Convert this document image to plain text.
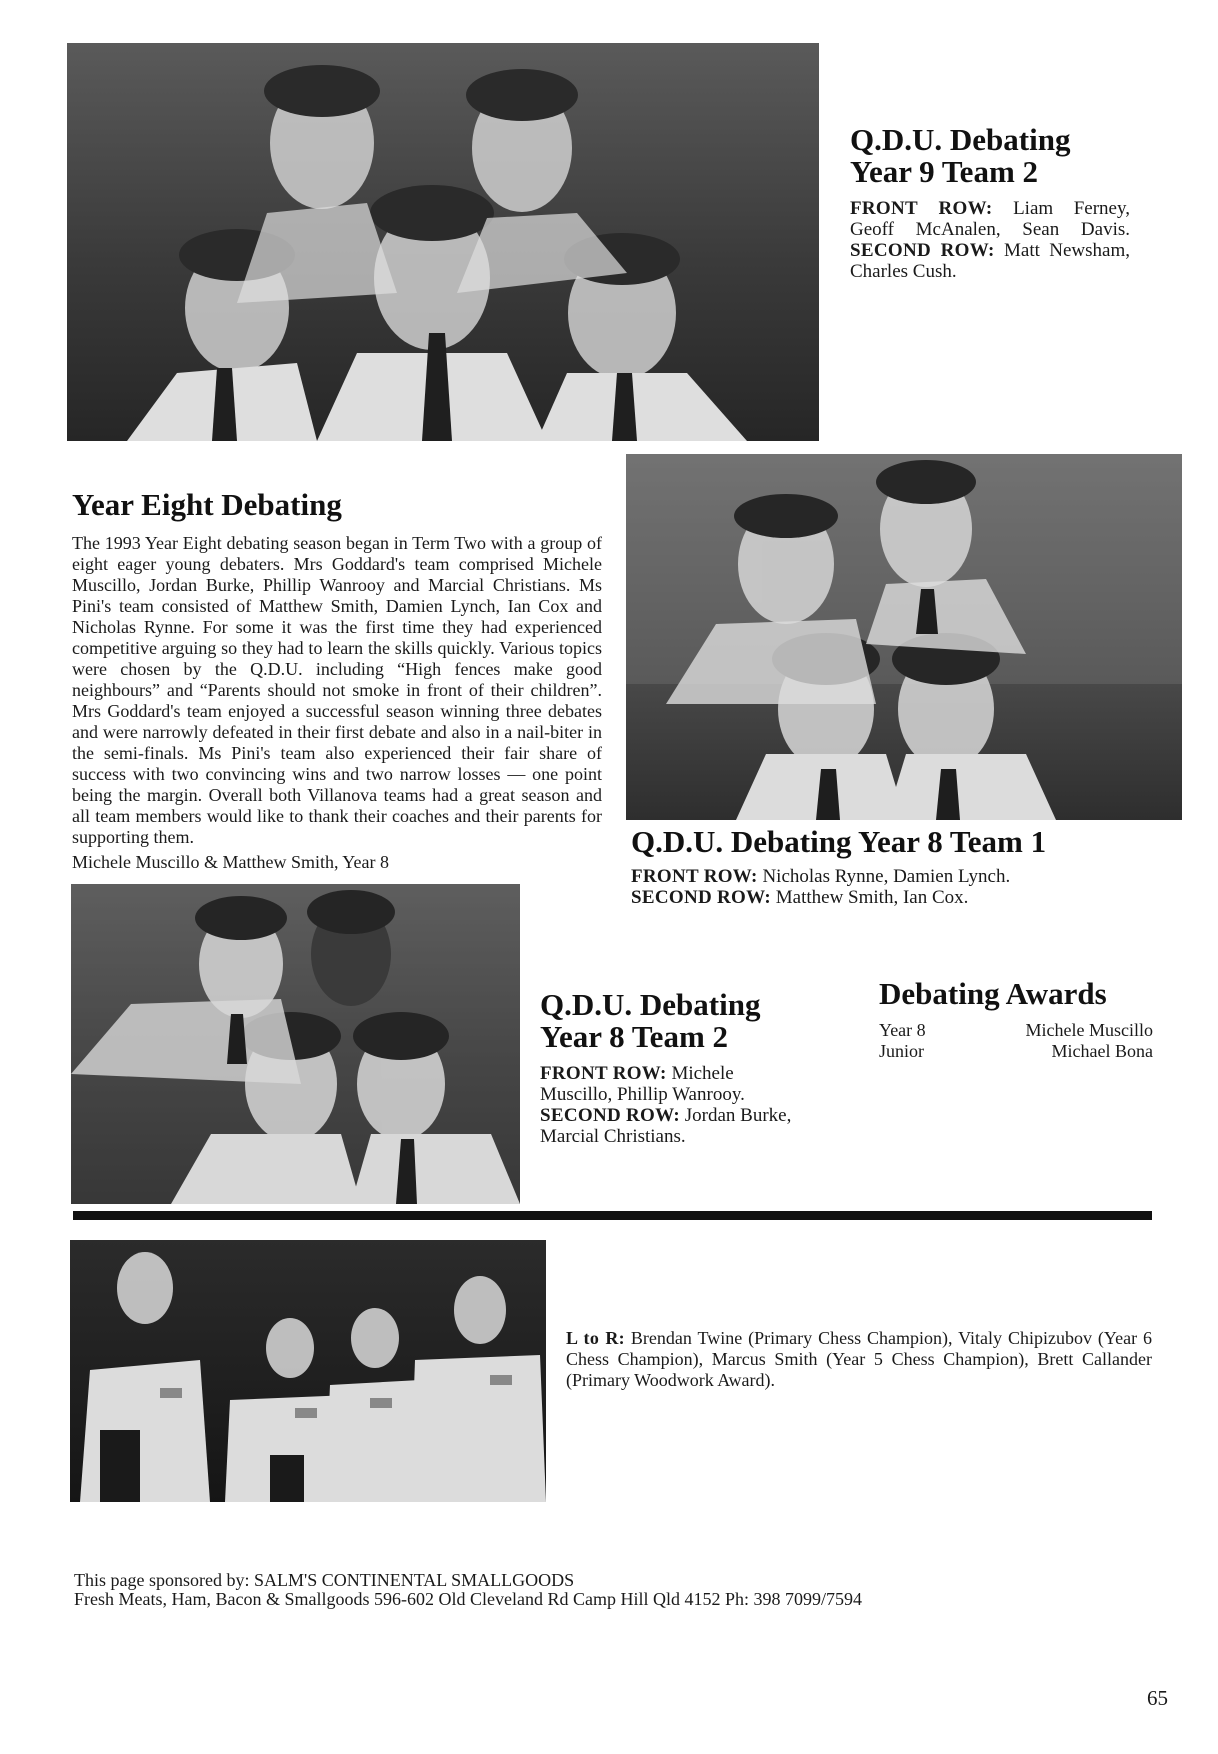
Q.D.U. Debating
Year 9 Team 2
FRONT ROW: Liam Ferney, Geoff McAnalen, Sean Davis. SECOND ROW: Matt Newsham, Charles Cush.
Year Eight Debating
The 1993 Year Eight debating season began in Term Two with a group of eight eager young debaters. Mrs Goddard's team comprised Michele Muscillo, Jordan Burke, Phillip Wanrooy and Marcial Christians. Ms Pini's team consisted of Matthew Smith, Damien Lynch, Ian Cox and Nicholas Rynne. For some it was the first time they had experienced competitive arguing so they had to learn the skills quickly. Various topics were chosen by the Q.D.U. including “High fences make good neighbours” and “Parents should not smoke in front of their children”. Mrs Goddard's team enjoyed a successful season winning three debates and were narrowly defeated in their first debate and also in a nail-biter in the semi-finals. Ms Pini's team also experienced their fair share of success with two convincing wins and two narrow losses — one point being the margin. Overall both Villanova teams had a great season and all team members would like to thank their coaches and their parents for supporting them.
Michele Muscillo & Matthew Smith, Year 8
Q.D.U. Debating Year 8 Team 1
FRONT ROW: Nicholas Rynne, Damien Lynch.
SECOND ROW: Matthew Smith, Ian Cox.
Q.D.U. Debating
Year 8 Team 2
FRONT ROW: Michele Muscillo, Phillip Wanrooy.
SECOND ROW: Jordan Burke, Marcial Christians.
Debating Awards
Year 8	Michele Muscillo
Junior	Michael Bona
L to R: Brendan Twine (Primary Chess Champion), Vitaly Chipizubov (Year 6 Chess Champion), Marcus Smith (Year 5 Chess Champion), Brett Callander (Primary Woodwork Award).
This page sponsored by: SALM'S CONTINENTAL SMALLGOODS
Fresh Meats, Ham, Bacon & Smallgoods 596-602 Old Cleveland Rd Camp Hill Qld 4152 Ph: 398 7099/7594
65
